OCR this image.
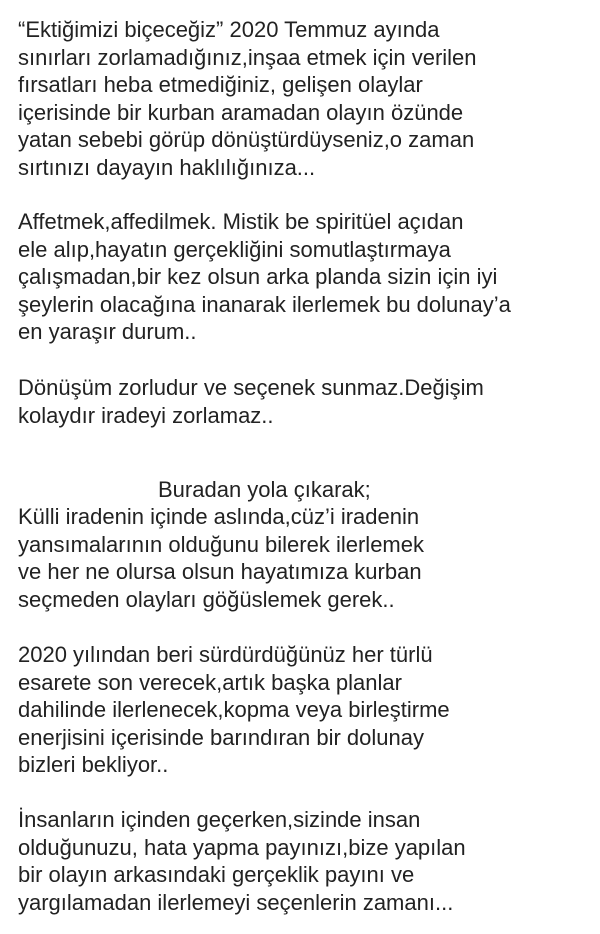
“Ektiğimizi biçeceğiz” 2020 Temmuz ayında
sınırları zorlamadığınız,inşaa etmek için verilen
fırsatları heba etmediğiniz, gelişen olaylar
içerisinde bir kurban aramadan olayın özünde
yatan sebebi görüp dönüştürdüyseniz,o zaman
sırtınızı dayayın haklılığınıza...
Affetmek,affedilmek. Mistik be spiritüel açıdan
ele alıp,hayatın gerçekliğini somutlaştırmaya
çalışmadan,bir kez olsun arka planda sizin için iyi
şeylerin olacağına inanarak ilerlemek bu dolunay’a
en yaraşır durum..
Dönüşüm zorludur ve seçenek sunmaz.Değişim
kolaydır iradeyi zorlamaz..
Buradan yola çıkarak;
Külli iradenin içinde aslında,cüz’i iradenin
yansımalarının olduğunu bilerek ilerlemek
ve her ne olursa olsun hayatımıza kurban
seçmeden olayları göğüslemek gerek..
2020 yılından beri sürdürdüğünüz her türlü
esarete son verecek,artık başka planlar
dahilinde ilerlenecek,kopma veya birleştirme
enerjisini içerisinde barındıran bir dolunay
bizleri bekliyor..
İnsanların içinden geçerken,sizinde insan
olduğunuzu, hata yapma payınızı,bize yapılan
bir olayın arkasındaki gerçeklik payını ve
yargılamadan ilerlemeyi seçenlerin zamanı...
